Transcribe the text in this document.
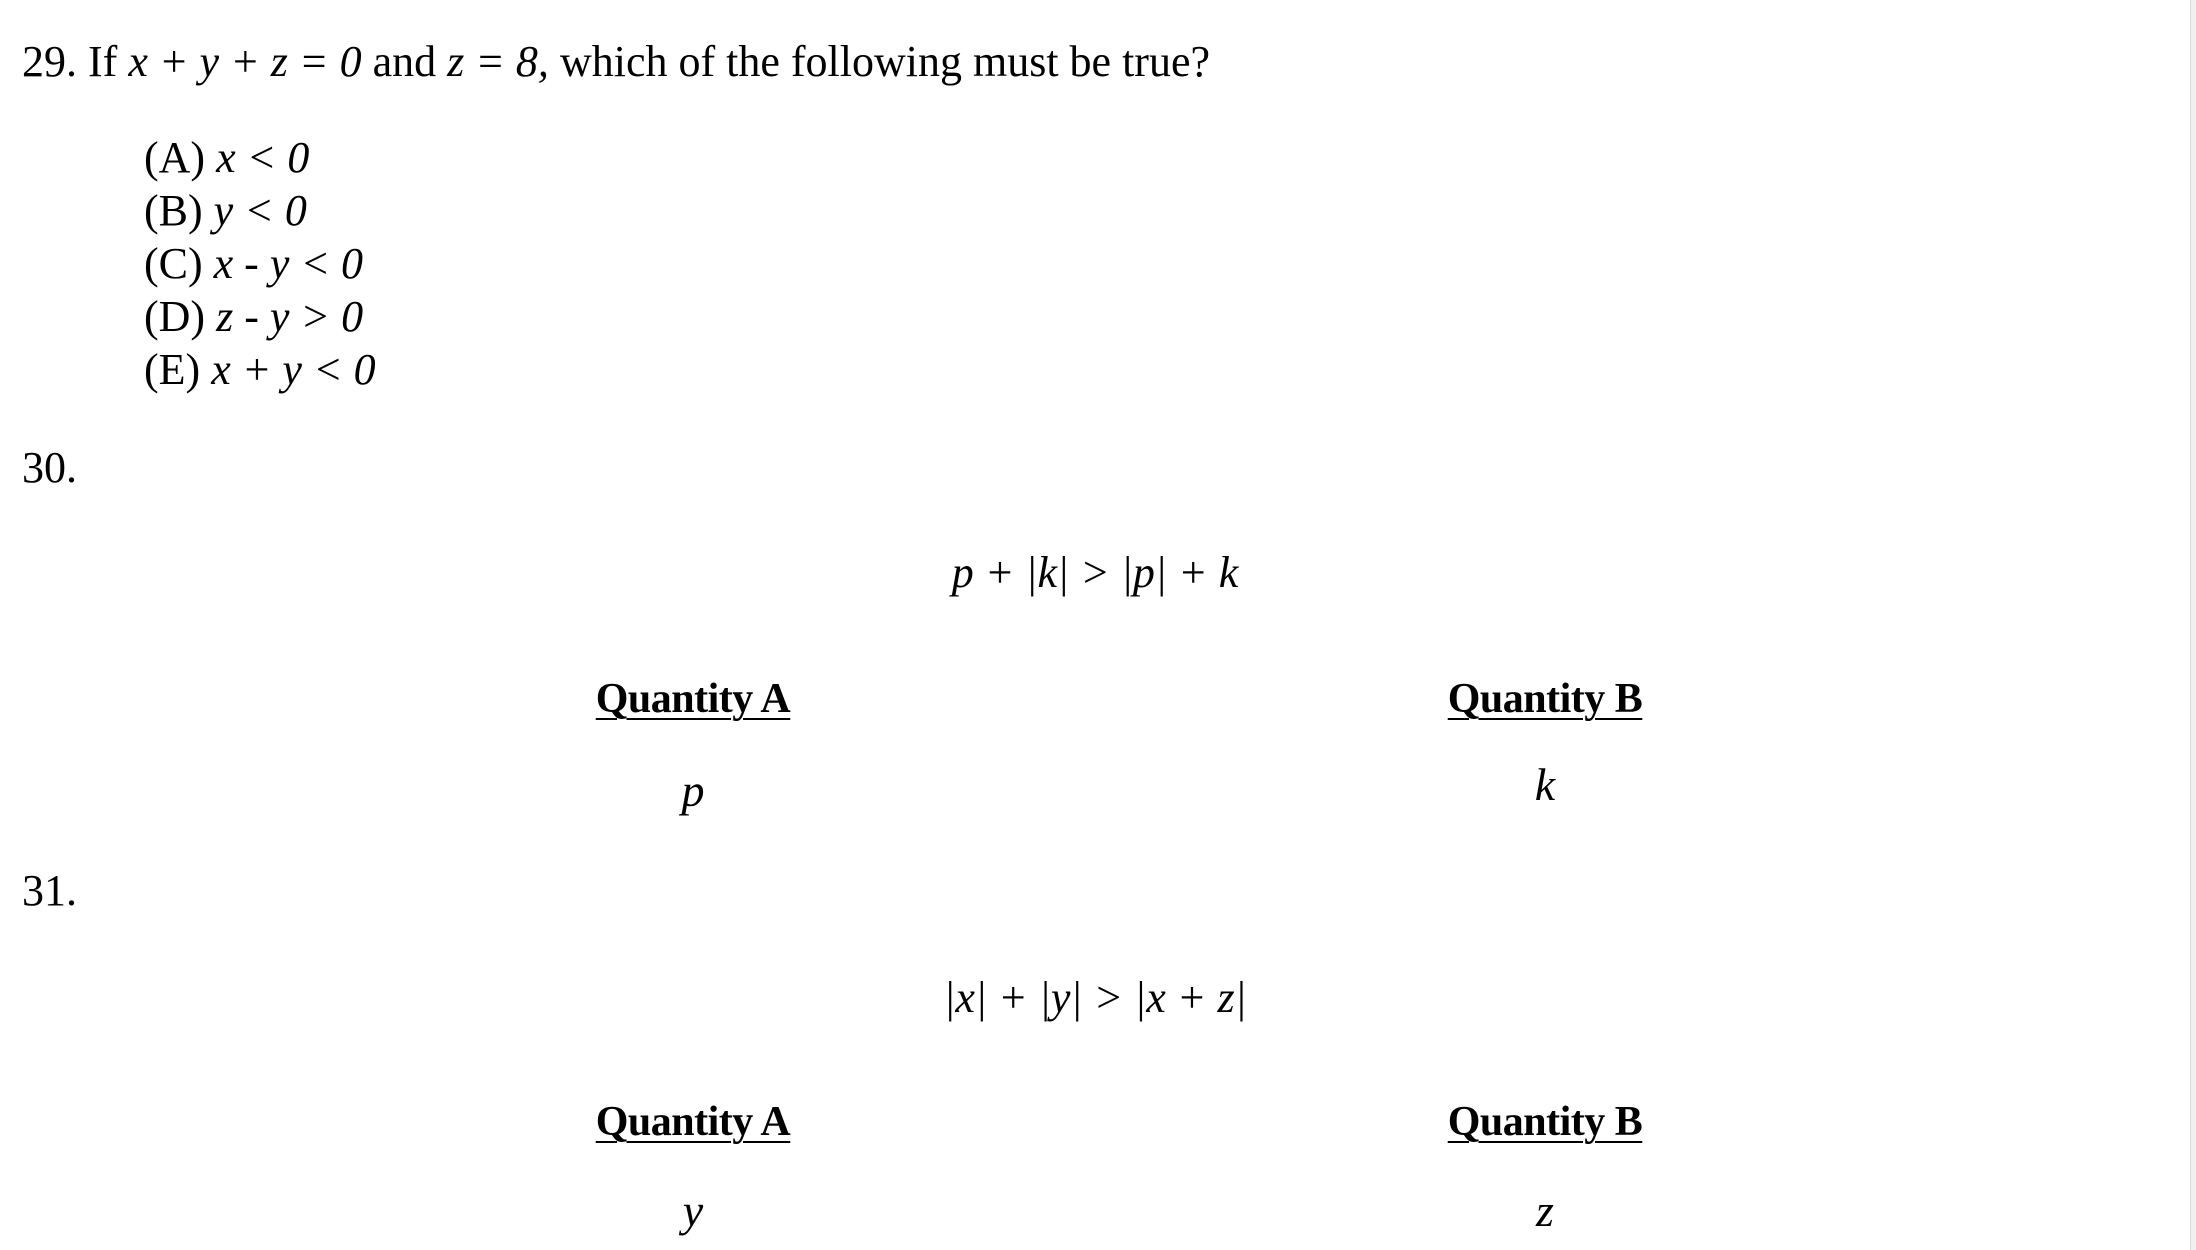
29. If x + y + z = 0 and z = 8, which of the following must be true?
(A) x < 0
(B) y < 0
(C) x - y < 0
(D) z - y > 0
(E) x + y < 0
30.
p + |k| > |p| + k
Quantity A	Quantity B
p	k
31.
|x| + |y| > |x + z|
Quantity A	Quantity B
y	z
